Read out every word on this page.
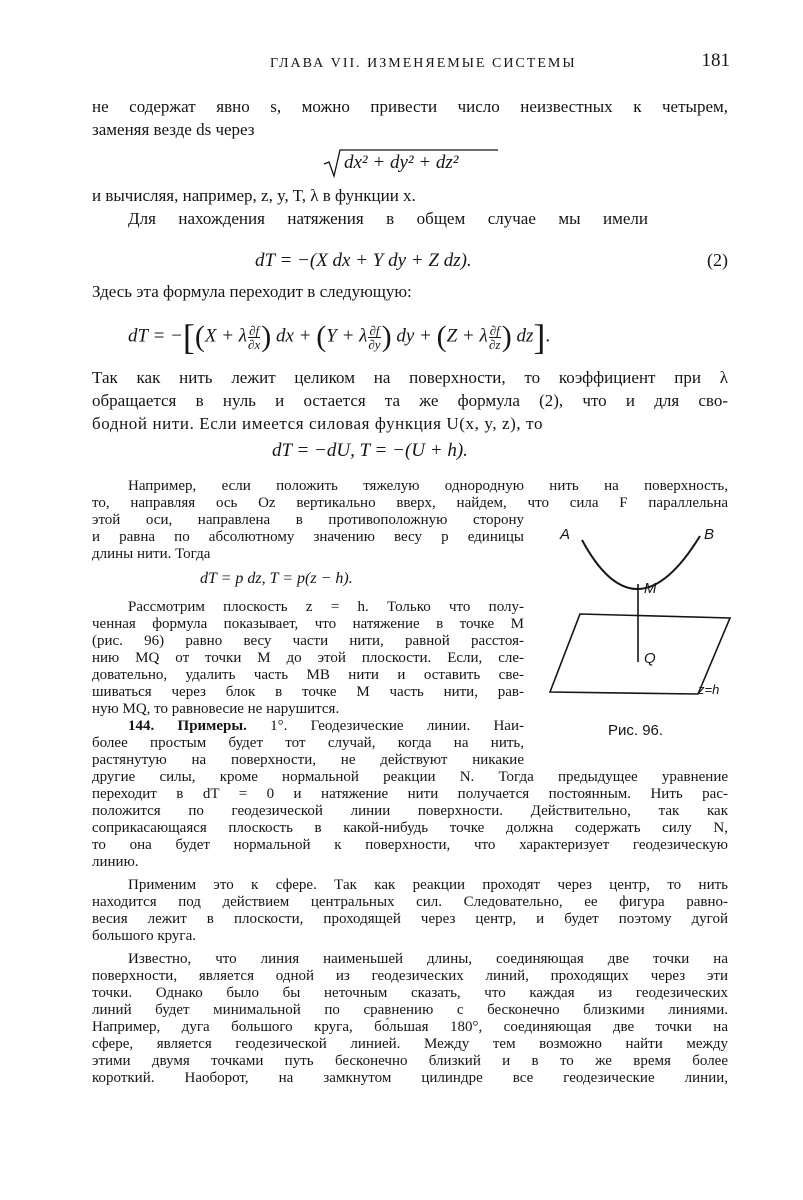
ГЛАВА VII. ИЗМЕНЯЕМЫЕ СИСТЕМЫ	181
не содержат явно s, можно привести число неизвестных к четырем,
заменяя везде ds через
dx² + dy² + dz²
и вычисляя, например, z, y, T, λ в функции x.
Для нахождения натяжения в общем случае мы имели
dT = −(X dx + Y dy + Z dz).	(2)
Здесь эта формула переходит в следующую:
dT = −[(X + λ $\frac{\partial f}{\partial x}$ ) dx + (Y + λ $\frac{\partial f}{\partial y}$ ) dy + (Z + λ $\frac{\partial f}{\partial z}$ ) dz].
Так как нить лежит целиком на поверхности, то коэффициент при λ
обращается в нуль и остается та же формула (2), что и для сво-
бодной нити. Если имеется силовая функция U(x, y, z), то
dT = −dU, T = −(U + h).
Например, если положить тяжелую однородную нить на поверхность,
то, направляя ось Oz вертикально вверх, найдем, что сила F параллельна
этой оси, направлена в противоположную сторону
и равна по абсолютному значению весу p единицы
длины нити. Тогда
dT = p dz, T = p(z − h).
Рассмотрим плоскость z = h. Только что полу-
ченная формула показывает, что натяжение в точке M
(рис. 96) равно весу части нити, равной расстоя-
нию MQ от точки M до этой плоскости. Если, сле-
довательно, удалить часть MB нити и оставить све-
шиваться через блок в точке M часть нити, рав-
ную MQ, то равновесие не нарушится.
144. Примеры. 1°. Геодезические линии. Наи-
более простым будет тот случай, когда на нить,
растянутую на поверхности, не действуют никакие
другие силы, кроме нормальной реакции N. Тогда предыдущее уравнение
переходит в dT = 0 и натяжение нити получается постоянным. Нить рас-
положится по геодезической линии поверхности. Действительно, так как
соприкасающаяся плоскость в какой-нибудь точке должна содержать силу N,
то она будет нормальной к поверхности, что характеризует геодезическую
линию.
Применим это к сфере. Так как реакции проходят через центр, то нить
находится под действием центральных сил. Следовательно, ее фигура равно-
весия лежит в плоскости, проходящей через центр, и будет поэтому дугой
большого круга.
Известно, что линия наименьшей длины, соединяющая две точки на
поверхности, является одной из геодезических линий, проходящих через эти
точки. Однако было бы неточным сказать, что каждая из геодезических
линий будет минимальной по сравнению с бесконечно близкими линиями.
Например, дуга большого круга, бо́льшая 180°, соединяющая две точки на
сфере, является геодезической линией. Между тем возможно найти между
этими двумя точками путь бесконечно близкий и в то же время более
короткий. Наоборот, на замкнутом цилиндре все геодезические линии,
A	B
M
Q
z=h
Рис. 96.
